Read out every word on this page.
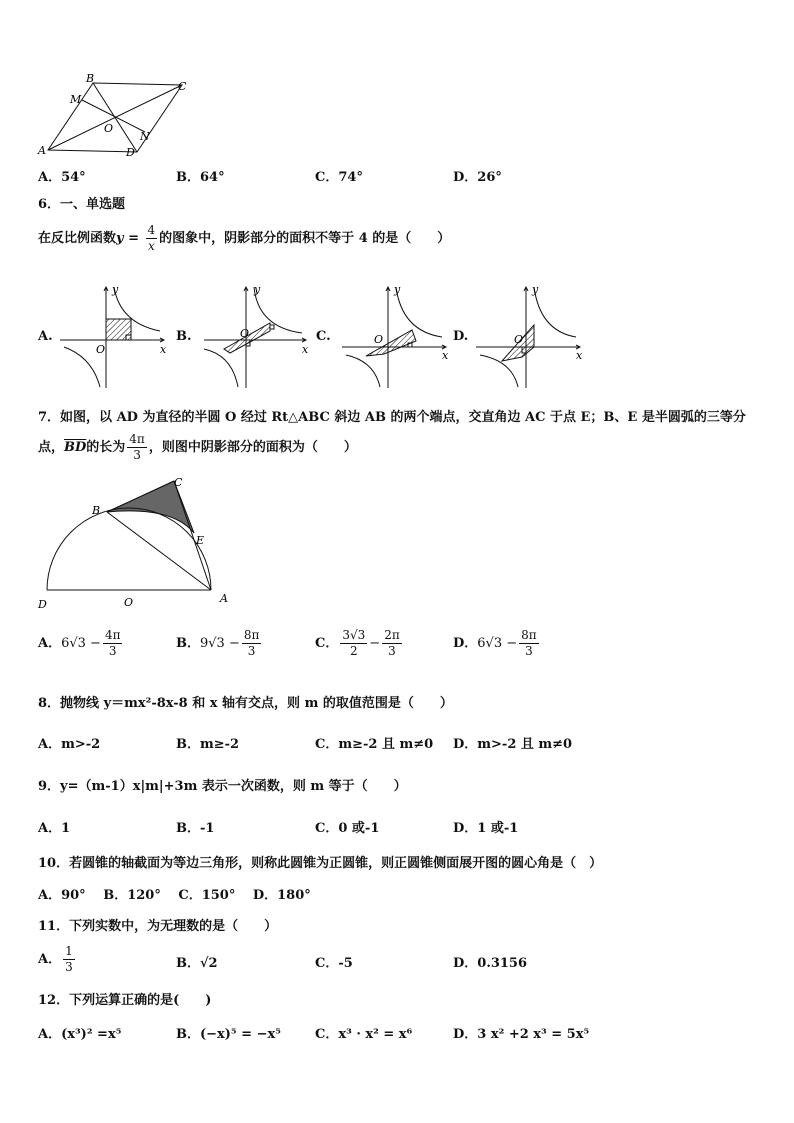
A
B
C
D
M
N
O
A．54°	B．64°	C．74°	D．26°
6．一、单选题
在反比例函数$y = \frac{4}{x}$ 的图象中，阴影部分的面积不等于 4 的是（　　）
A.	B.	C.	D.
y
x
O
y
x
O
y
x
O
y
x
O
7．如图，以 AD 为直径的半圆 O 经过 Rt△ABC 斜边 AB 的两个端点，交直角边 AC 于点 E；B、E 是半圆弧的三等分
点，$\overline{BD}$的长为 $\frac{4\pi}{3}$ ，则图中阴影部分的面积为（　　）
D	O	A
B
C
E
A．$6√3 - \frac{4\pi}{3}$	B．$9√3 - \frac{8\pi}{3}$	C． $\frac{3√3}{2} - \frac{2\pi}{3}$	D．$6√3 - \frac{8\pi}{3}$
8．抛物线 y＝mx²-8x-8 和 x 轴有交点，则 m 的取值范围是（　　）
A．m>-2	B．m≥-2	C．m≥-2 且 m≠0 D．m>-2 且 m≠0
9．y=（m-1）x|m|+3m 表示一次函数，则 m 等于（　　）
A．1	B．-1	C．0 或-1	D．1 或-1
10．若圆锥的轴截面为等边三角形，则称此圆锥为正圆锥，则正圆锥侧面展开图的圆心角是（　）
A．90°　 B．120°　 C．150°　 D．180°
11．下列实数中，为无理数的是（　　）
A． $\frac{1}{3}$	B．√2	C．-5	D．0.3156
12．下列运算正确的是(　　)
A．(x³)² =x⁵	B．(−x)⁵ = −x⁵	C．x³ · x² = x⁶	D．3 x² +2 x³ = 5x⁵
